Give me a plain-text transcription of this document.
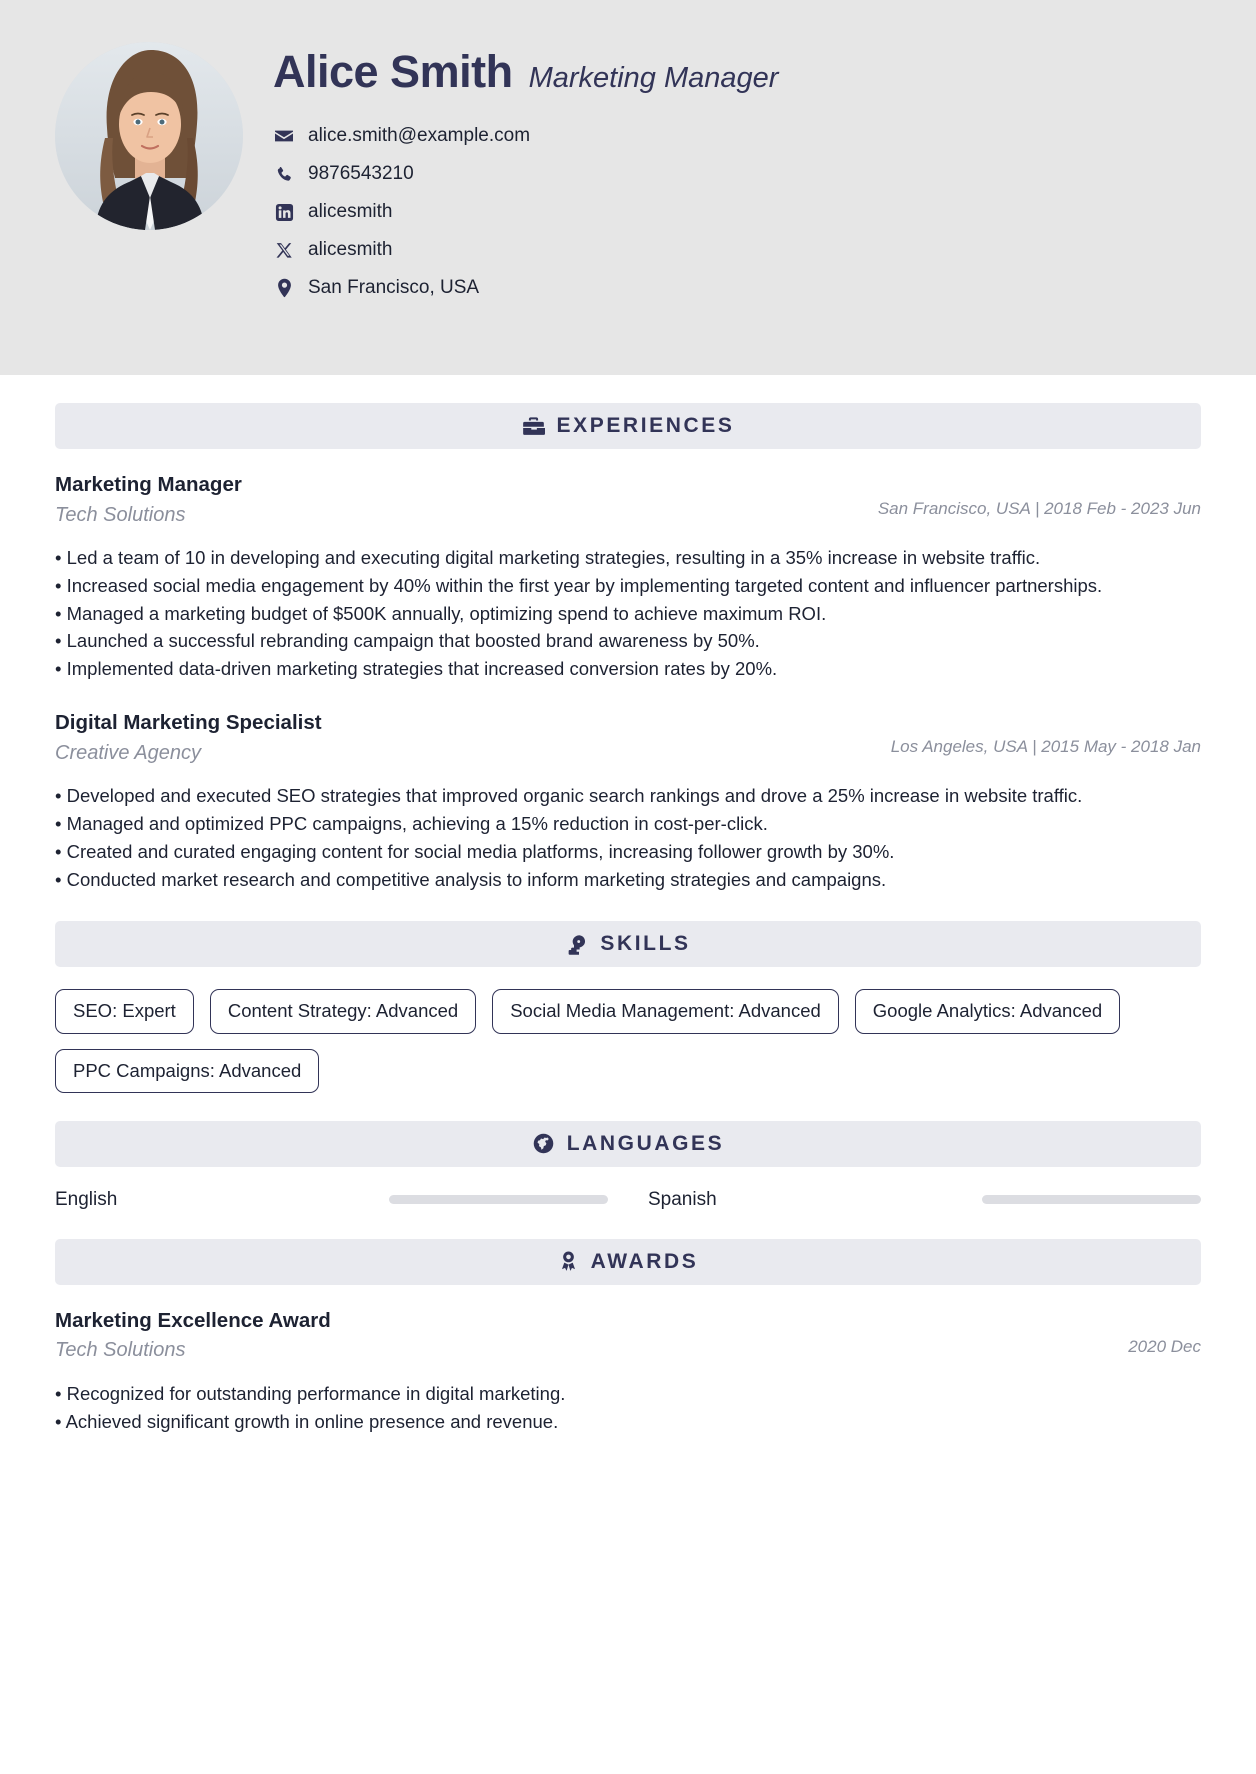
Alice Smith Marketing Manager
alice.smith@example.com
9876543210
alicesmith
alicesmith
San Francisco, USA
EXPERIENCES
Marketing Manager
Tech Solutions	San Francisco, USA | 2018 Feb - 2023 Jun
• Led a team of 10 in developing and executing digital marketing strategies, resulting in a 35% increase in website traffic.
• Increased social media engagement by 40% within the first year by implementing targeted content and influencer partnerships.
• Managed a marketing budget of $500K annually, optimizing spend to achieve maximum ROI.
• Launched a successful rebranding campaign that boosted brand awareness by 50%.
• Implemented data-driven marketing strategies that increased conversion rates by 20%.
Digital Marketing Specialist
Creative Agency	Los Angeles, USA | 2015 May - 2018 Jan
• Developed and executed SEO strategies that improved organic search rankings and drove a 25% increase in website traffic.
• Managed and optimized PPC campaigns, achieving a 15% reduction in cost-per-click.
• Created and curated engaging content for social media platforms, increasing follower growth by 30%.
• Conducted market research and competitive analysis to inform marketing strategies and campaigns.
SKILLS
SEO: Expert	Content Strategy: Advanced	Social Media Management: Advanced	Google Analytics: Advanced
PPC Campaigns: Advanced
LANGUAGES
English	Spanish
AWARDS
Marketing Excellence Award
Tech Solutions	2020 Dec
• Recognized for outstanding performance in digital marketing.
• Achieved significant growth in online presence and revenue.
